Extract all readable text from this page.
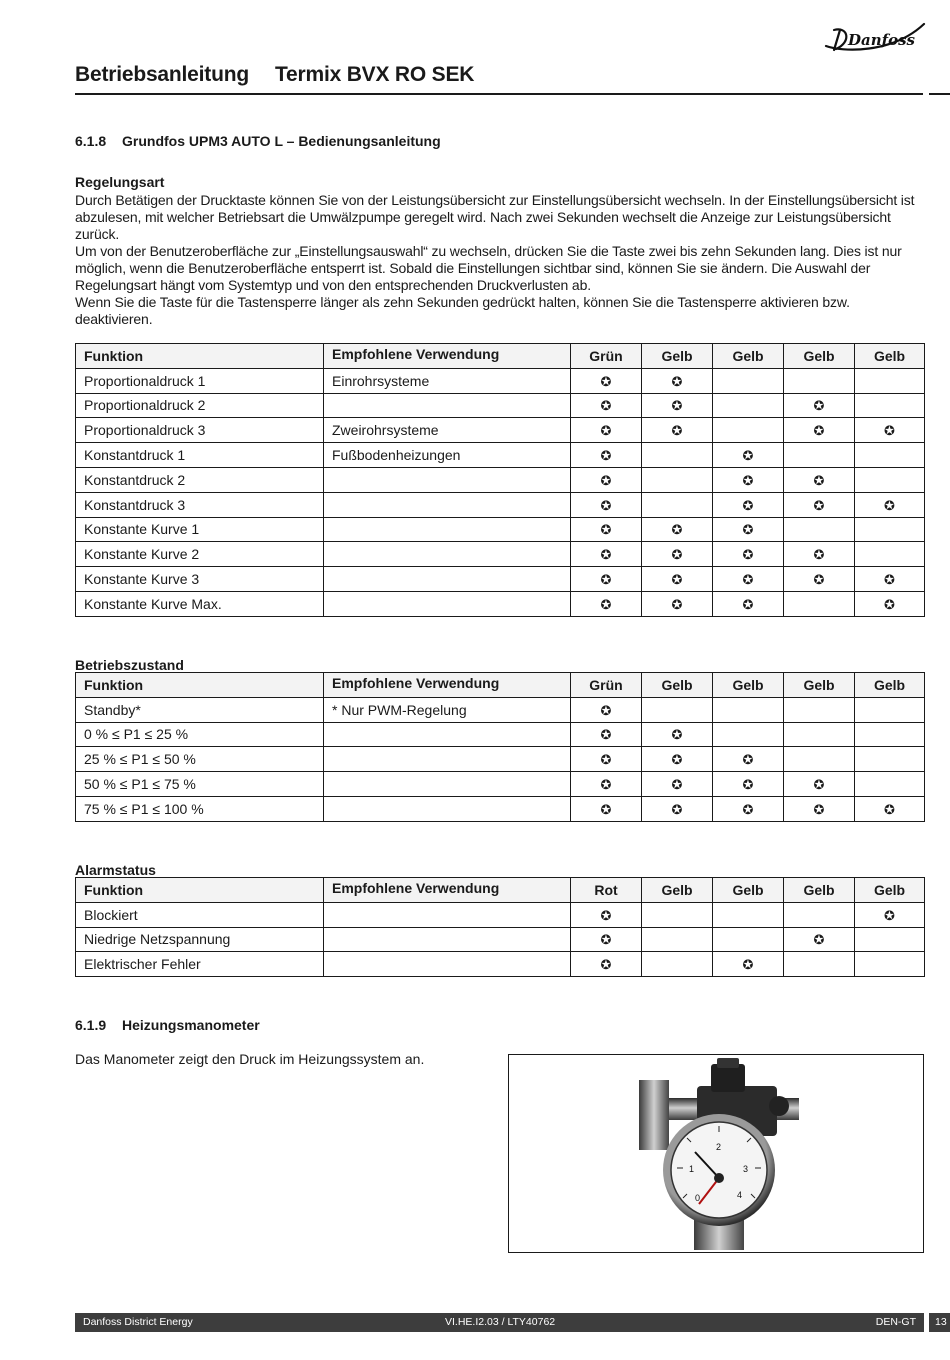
Danfoss
Betriebsanleitung Termix BVX RO SEK
6.1.8 Grundfos UPM3 AUTO L – Bedienungsanleitung
Regelungsart

Durch Betätigen der Drucktaste können Sie von der Leistungsübersicht zur Einstellungsübersicht wechseln. In der Einstellungsübersicht ist abzulesen, mit welcher Betriebsart die Umwälzpumpe geregelt wird. Nach zwei Sekunden wechselt die Anzeige zur Leistungsübersicht zurück.

Um von der Benutzeroberfläche zur „Einstellungsauswahl“ zu wechseln, drücken Sie die Taste zwei bis zehn Sekunden lang. Dies ist nur möglich, wenn die Benutzeroberfläche entsperrt ist. Sobald die Einstellungen sichtbar sind, können Sie sie ändern. Die Auswahl der Regelungsart hängt vom Systemtyp und von den entsprechenden Druckverlusten ab.

Wenn Sie die Taste für die Tastensperre länger als zehn Sekunden gedrückt halten, können Sie die Tastensperre aktivieren bzw. deaktivieren.

Funktion	Empfohlene Verwendung	Grün	Gelb	Gelb	Gelb	Gelb
Proportionaldruck 1	Einrohrsysteme	✪	✪			
Proportionaldruck 2		✪	✪		✪	
Proportionaldruck 3	Zweirohrsysteme	✪	✪		✪	✪
Konstantdruck 1	Fußbodenheizungen	✪		✪		
Konstantdruck 2		✪		✪	✪	
Konstantdruck 3		✪		✪	✪	✪
Konstante Kurve 1		✪	✪	✪		
Konstante Kurve 2		✪	✪	✪	✪	
Konstante Kurve 3		✪	✪	✪	✪	✪
Konstante Kurve Max.		✪	✪	✪		✪
Betriebszustand
Funktion	Empfohlene Verwendung	Grün	Gelb	Gelb	Gelb	Gelb
Standby*	* Nur PWM-Regelung	✪				
0 % ≤ P1 ≤ 25 %		✪	✪			
25 % ≤ P1 ≤ 50 %		✪	✪	✪		
50 % ≤ P1 ≤ 75 %		✪	✪	✪	✪	
75 % ≤ P1 ≤ 100 %		✪	✪	✪	✪	✪
Alarmstatus
Funktion	Empfohlene Verwendung	Rot	Gelb	Gelb	Gelb	Gelb
Blockiert		✪				✪
Niedrige Netzspannung		✪			✪	
Elektrischer Fehler		✪		✪		
6.1.9 Heizungsmanometer
Das Manometer zeigt den Druck im Heizungssystem an.
0
1
2
3
4
Danfoss District Energy	VI.HE.I2.03 / LTY40762	DEN-GT 13
